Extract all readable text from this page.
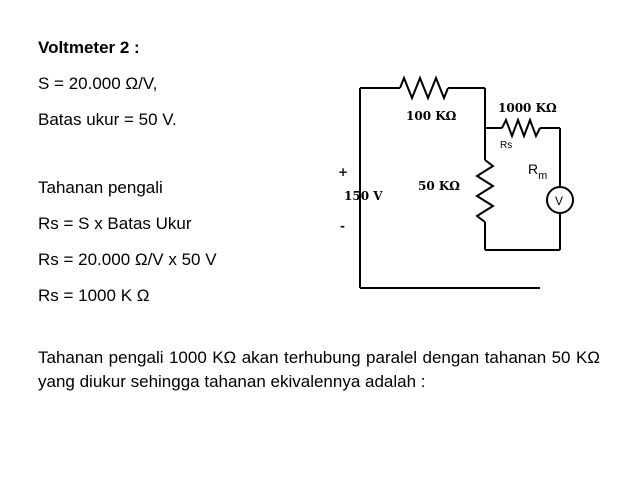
Voltmeter 2 :
S = 20.000 Ω/V,
Batas ukur = 50 V.
Tahanan pengali
Rs = S x Batas Ukur
Rs = 20.000 Ω/V x 50 V
Rs = 1000 K Ω
Tahanan pengali 1000 KΩ akan terhubung paralel dengan tahanan 50 KΩ yang diukur sehingga tahanan ekivalennya adalah :
100 KΩ
1000 KΩ
Rs
$R_m$
50 KΩ
150 V
+
-
V
